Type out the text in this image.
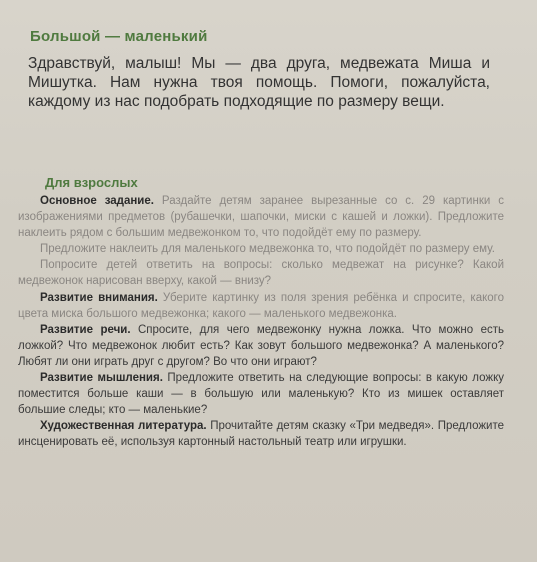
Большой — маленький
Здравствуй, малыш! Мы — два друга, медвежата Миша и Мишутка. Нам нужна твоя помощь. Помоги, пожалуйста, каждому из нас подобрать подходящие по размеру вещи.
Для взрослых

Основное задание. Раздайте детям заранее вырезанные со с. 29 картинки с изображениями предметов (рубашечки, шапочки, миски с кашей и ложки). Предложите наклеить рядом с большим медвежонком то, что подойдёт ему по размеру.

Предложите наклеить для маленького медвежонка то, что подойдёт по размеру ему.

Попросите детей ответить на вопросы: сколько медвежат на рисунке? Какой медвежонок нарисован вверху, какой — внизу?

Развитие внимания. Уберите картинку из поля зрения ребёнка и спросите, какого цвета миска большого медвежонка; какого — маленького медвежонка.

Развитие речи. Спросите, для чего медвежонку нужна ложка. Что можно есть ложкой? Что медвежонок любит есть? Как зовут большого медвежонка? А маленького? Любят ли они играть друг с другом? Во что они играют?

Развитие мышления. Предложите ответить на следующие вопросы: в какую ложку поместится больше каши — в большую или маленькую? Кто из мишек оставляет большие следы; кто — маленькие?

Художественная литература. Прочитайте детям сказку «Три медведя». Предложите инсценировать её, используя картонный настольный театр или игрушки.
